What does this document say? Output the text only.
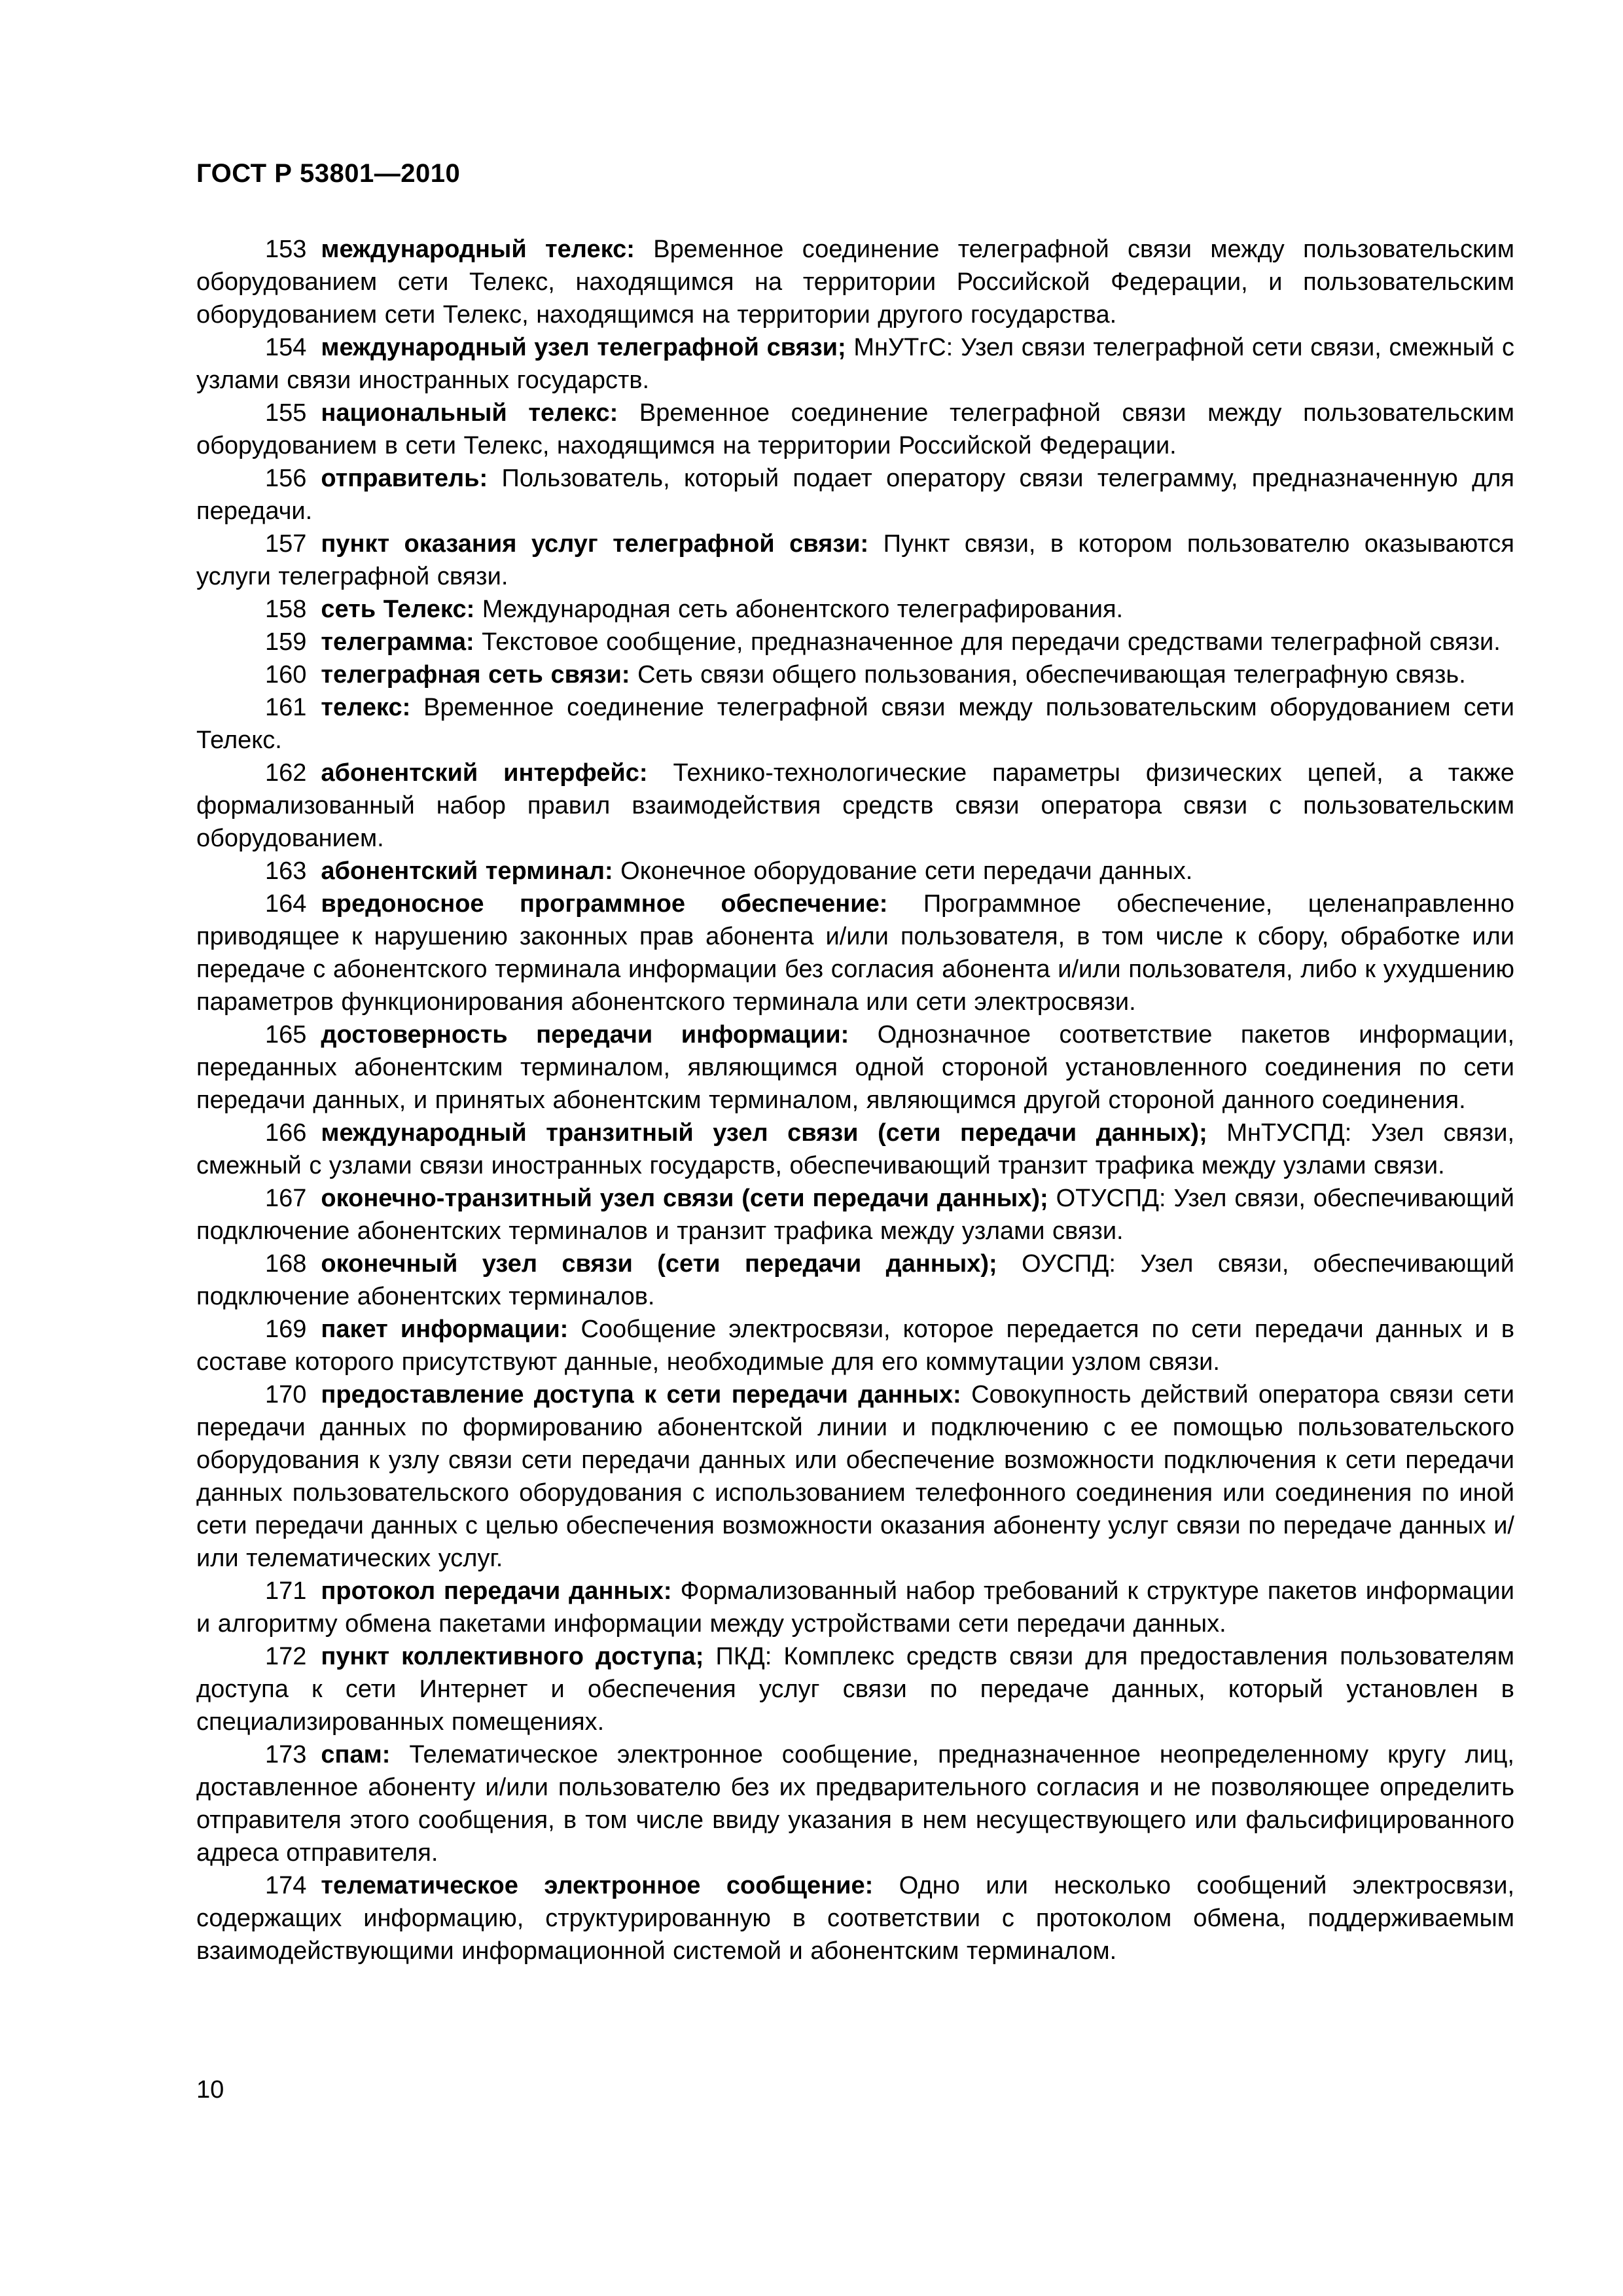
ГОСТ Р 53801—2010

153 международный телекс: Временное соединение телеграфной связи между пользовательским оборудованием сети Телекс, находящимся на территории Российской Федерации, и пользовательским оборудованием сети Телекс, находящимся на территории другого государства.

154 международный узел телеграфной связи; МнУТгС: Узел связи телеграфной сети связи, смежный с узлами связи иностранных государств.

155 национальный телекс: Временное соединение телеграфной связи между пользовательским оборудованием в сети Телекс, находящимся на территории Российской Федерации.

156 отправитель: Пользователь, который подает оператору связи телеграмму, предназначенную для передачи.

157 пункт оказания услуг телеграфной связи: Пункт связи, в котором пользователю оказываются услуги телеграфной связи.

158 сеть Телекс: Международная сеть абонентского телеграфирования.

159 телеграмма: Текстовое сообщение, предназначенное для передачи средствами телеграфной связи.

160 телеграфная сеть связи: Сеть связи общего пользования, обеспечивающая телеграфную связь.

161 телекс: Временное соединение телеграфной связи между пользовательским оборудованием сети Телекс.

162 абонентский интерфейс: Технико-технологические параметры физических цепей, а также формализованный набор правил взаимодействия средств связи оператора связи с пользовательским оборудованием.

163 абонентский терминал: Оконечное оборудование сети передачи данных.

164 вредоносное программное обеспечение: Программное обеспечение, целенаправленно приводящее к нарушению законных прав абонента и/или пользователя, в том числе к сбору, обработке или передаче с абонентского терминала информации без согласия абонента и/или пользователя, либо к ухудшению параметров функционирования абонентского терминала или сети электросвязи.

165 достоверность передачи информации: Однозначное соответствие пакетов информации, переданных абонентским терминалом, являющимся одной стороной установленного соединения по сети передачи данных, и принятых абонентским терминалом, являющимся другой стороной данного соединения.

166 международный транзитный узел связи (сети передачи данных); МнТУСПД: Узел связи, смежный с узлами связи иностранных государств, обеспечивающий транзит трафика между узлами связи.

167 оконечно-транзитный узел связи (сети передачи данных); ОТУСПД: Узел связи, обеспечивающий подключение абонентских терминалов и транзит трафика между узлами связи.

168 оконечный узел связи (сети передачи данных); ОУСПД: Узел связи, обеспечивающий подключение абонентских терминалов.

169 пакет информации: Сообщение электросвязи, которое передается по сети передачи данных и в составе которого присутствуют данные, необходимые для его коммутации узлом связи.

170 предоставление доступа к сети передачи данных: Совокупность действий оператора связи сети передачи данных по формированию абонентской линии и подключению с ее помощью пользовательского оборудования к узлу связи сети передачи данных или обеспечение возможности подключения к сети передачи данных пользовательского оборудования с использованием телефонного соединения или соединения по иной сети передачи данных с целью обеспечения возможности оказания абоненту услуг связи по передаче данных и/или телематических услуг.

171 протокол передачи данных: Формализованный набор требований к структуре пакетов информации и алгоритму обмена пакетами информации между устройствами сети передачи данных.

172 пункт коллективного доступа; ПКД: Комплекс средств связи для предоставления пользователям доступа к сети Интернет и обеспечения услуг связи по передаче данных, который установлен в специализированных помещениях.

173 спам: Телематическое электронное сообщение, предназначенное неопределенному кругу лиц, доставленное абоненту и/или пользователю без их предварительного согласия и не позволяющее определить отправителя этого сообщения, в том числе ввиду указания в нем несуществующего или фальсифицированного адреса отправителя.

174 телематическое электронное сообщение: Одно или несколько сообщений электросвязи, содержащих информацию, структурированную в соответствии с протоколом обмена, поддерживаемым взаимодействующими информационной системой и абонентским терминалом.

10
